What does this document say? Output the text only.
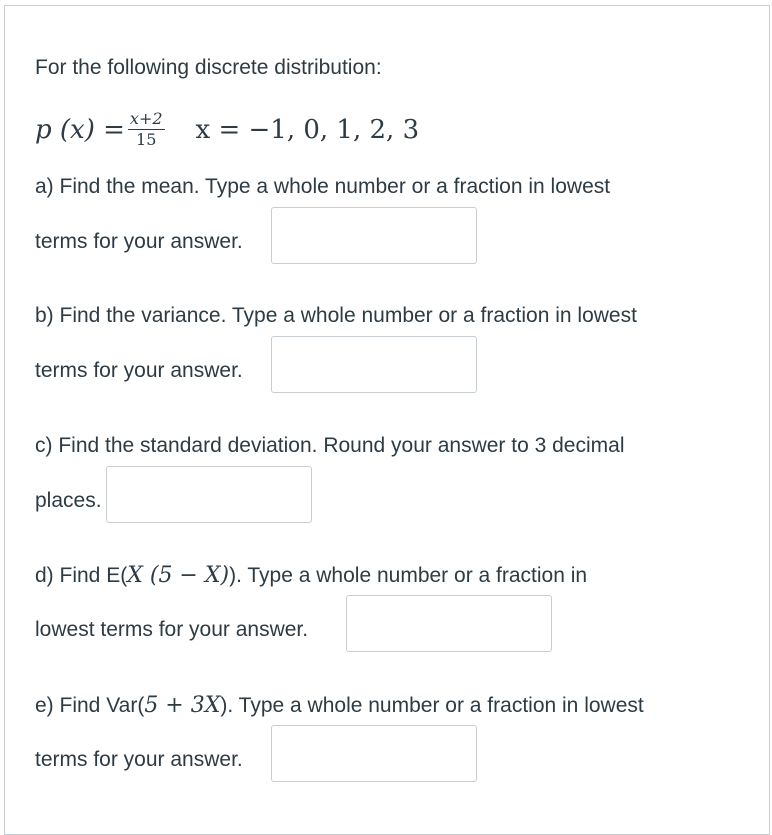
For the following discrete distribution:
p $(x) = \frac{x+2}{15}$ x = −1, 0, 1, 2, 3
a) Find the mean. Type a whole number or a fraction in lowest
terms for your answer.
b) Find the variance. Type a whole number or a fraction in lowest
terms for your answer.
c) Find the standard deviation. Round your answer to 3 decimal
places.
d) Find E(X (5 − X)). Type a whole number or a fraction in
lowest terms for your answer.
e) Find Var(5 + 3X). Type a whole number or a fraction in lowest
terms for your answer.
